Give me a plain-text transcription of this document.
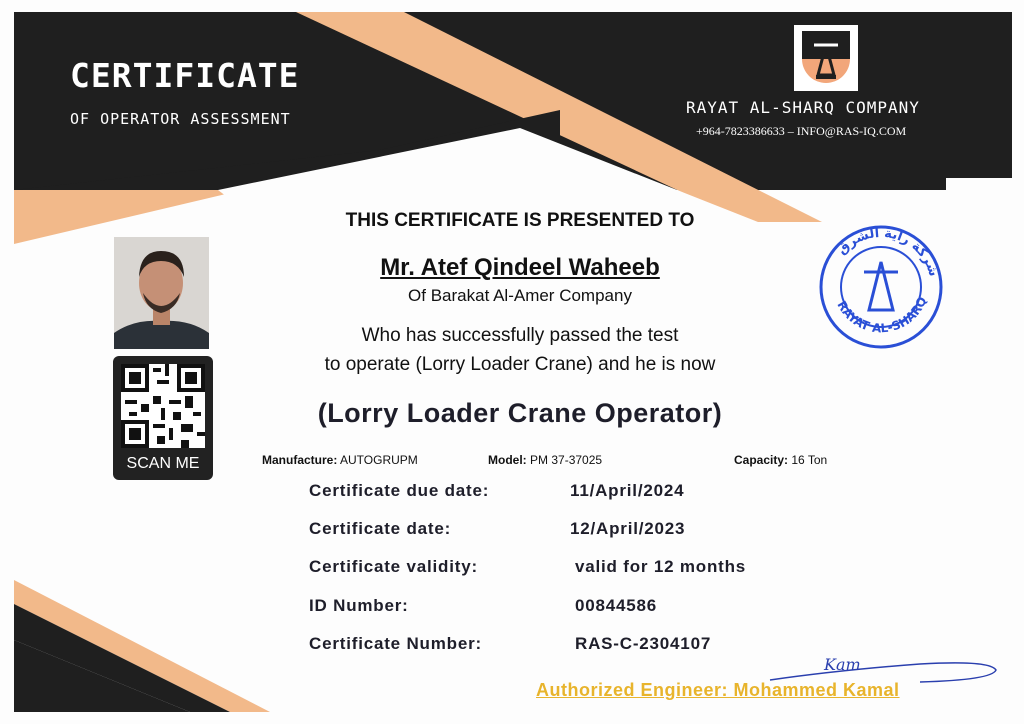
CERTIFICATE
OF OPERATOR ASSESSMENT
RAYAT AL-SHARQ COMPANY
+964-7823386633 – INFO@RAS-IQ.COM
شركة راية الشرق
RAYAT AL-SHARQ
THIS CERTIFICATE IS PRESENTED TO
Mr. Atef Qindeel Waheeb
Of Barakat Al-Amer Company
Who has successfully passed the test
to operate (Lorry Loader Crane) and he is now
(Lorry Loader Crane Operator)
SCAN ME	Manufacture: AUTOGRUPM	Model: PM 37-37025	Capacity: 16 Ton
Certificate due date:	11/April/2024
Certificate date:	12/April/2023
Certificate validity:	valid for 12 months
ID Number:	00844586
Certificate Number:	RAS-C-2304107
Kam
Authorized Engineer: Mohammed Kamal
